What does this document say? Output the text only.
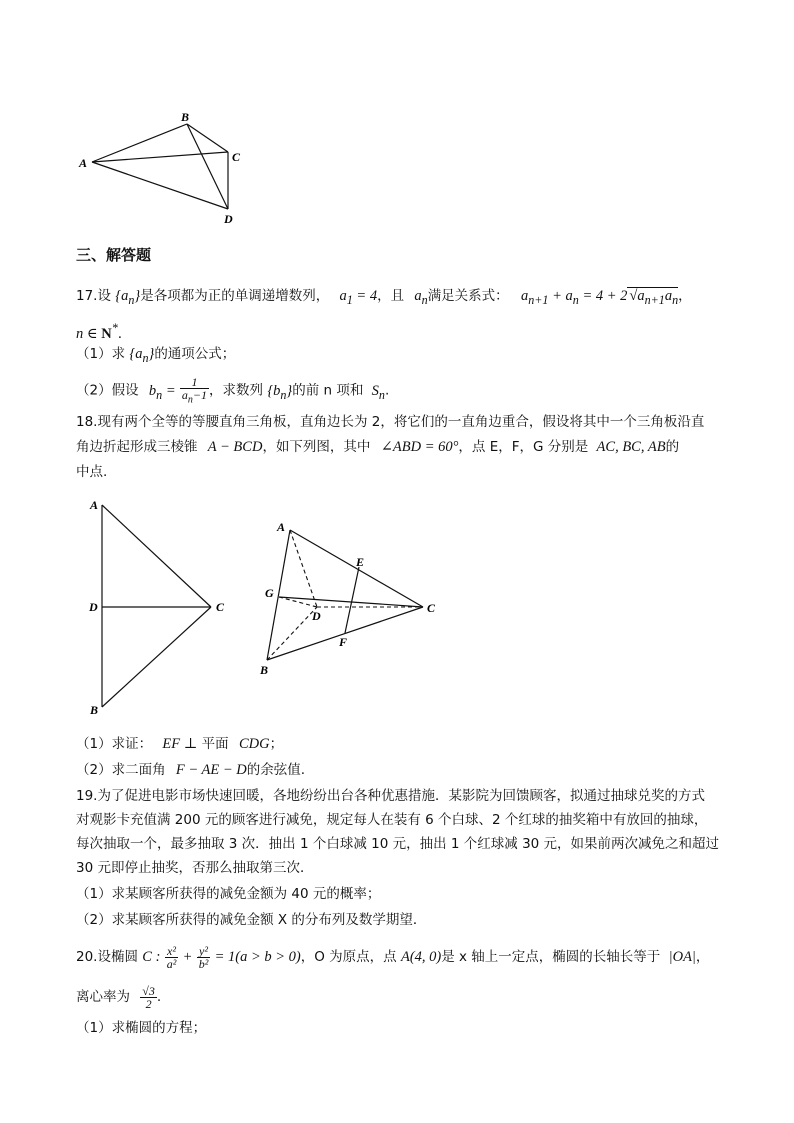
A
B
C
D
三、解答题
17.设 $\{a_n\}$是各项都为正的单调递增数列， $a_1 = 4$，且 $a_n$满足关系式： $a_{n+1} + a_n = 4 + 2$ $√a_{n+1}a_n$，
n ∈ N*.
（1）求 $\{a_n\}$的通项公式；
（2）假设 $b_n = \frac{1}{a_n-1}$ ，求数列 $\{b_n\}$的前 n 项和 $S_n$.
18.现有两个全等的等腰直角三角板，直角边长为 2，将它们的一直角边重合，假设将其中一个三角板沿直
角边折起形成三棱锥 A − BCD，如下列图，其中 ∠ABD = 60°，点 E，F，G 分别是 AC, BC, AB的
中点.
A
D	C
B
A
E
G
D
C
F
B
（1）求证： EF ⊥ 平面 CDG；
（2）求二面角 F − AE − D的余弦值.
19.为了促进电影市场快速回暖，各地纷纷出台各种优惠措施．某影院为回馈顾客，拟通过抽球兑奖的方式
对观影卡充值满 200 元的顾客进行减免，规定每人在装有 6 个白球、2 个红球的抽奖箱中有放回的抽球，
每次抽取一个，最多抽取 3 次．抽出 1 个白球减 10 元，抽出 1 个红球减 30 元，如果前两次减免之和超过
30 元即停止抽奖，否那么抽取第三次．
（1）求某顾客所获得的减免金额为 40 元的概率；
（2）求某顾客所获得的减免金额 X 的分布列及数学期望．
20.设椭圆 C : $\frac{\text{x²}}{\text{a²}} + \frac{\text{y²}}{\text{b²}} = 1(a > b > 0)$，O 为原点，点 A(4, 0)是 x 轴上一定点，椭圆的长轴长等于 |OA|，
离心率为 $\frac{√3}{2}$ .
（1）求椭圆的方程；
